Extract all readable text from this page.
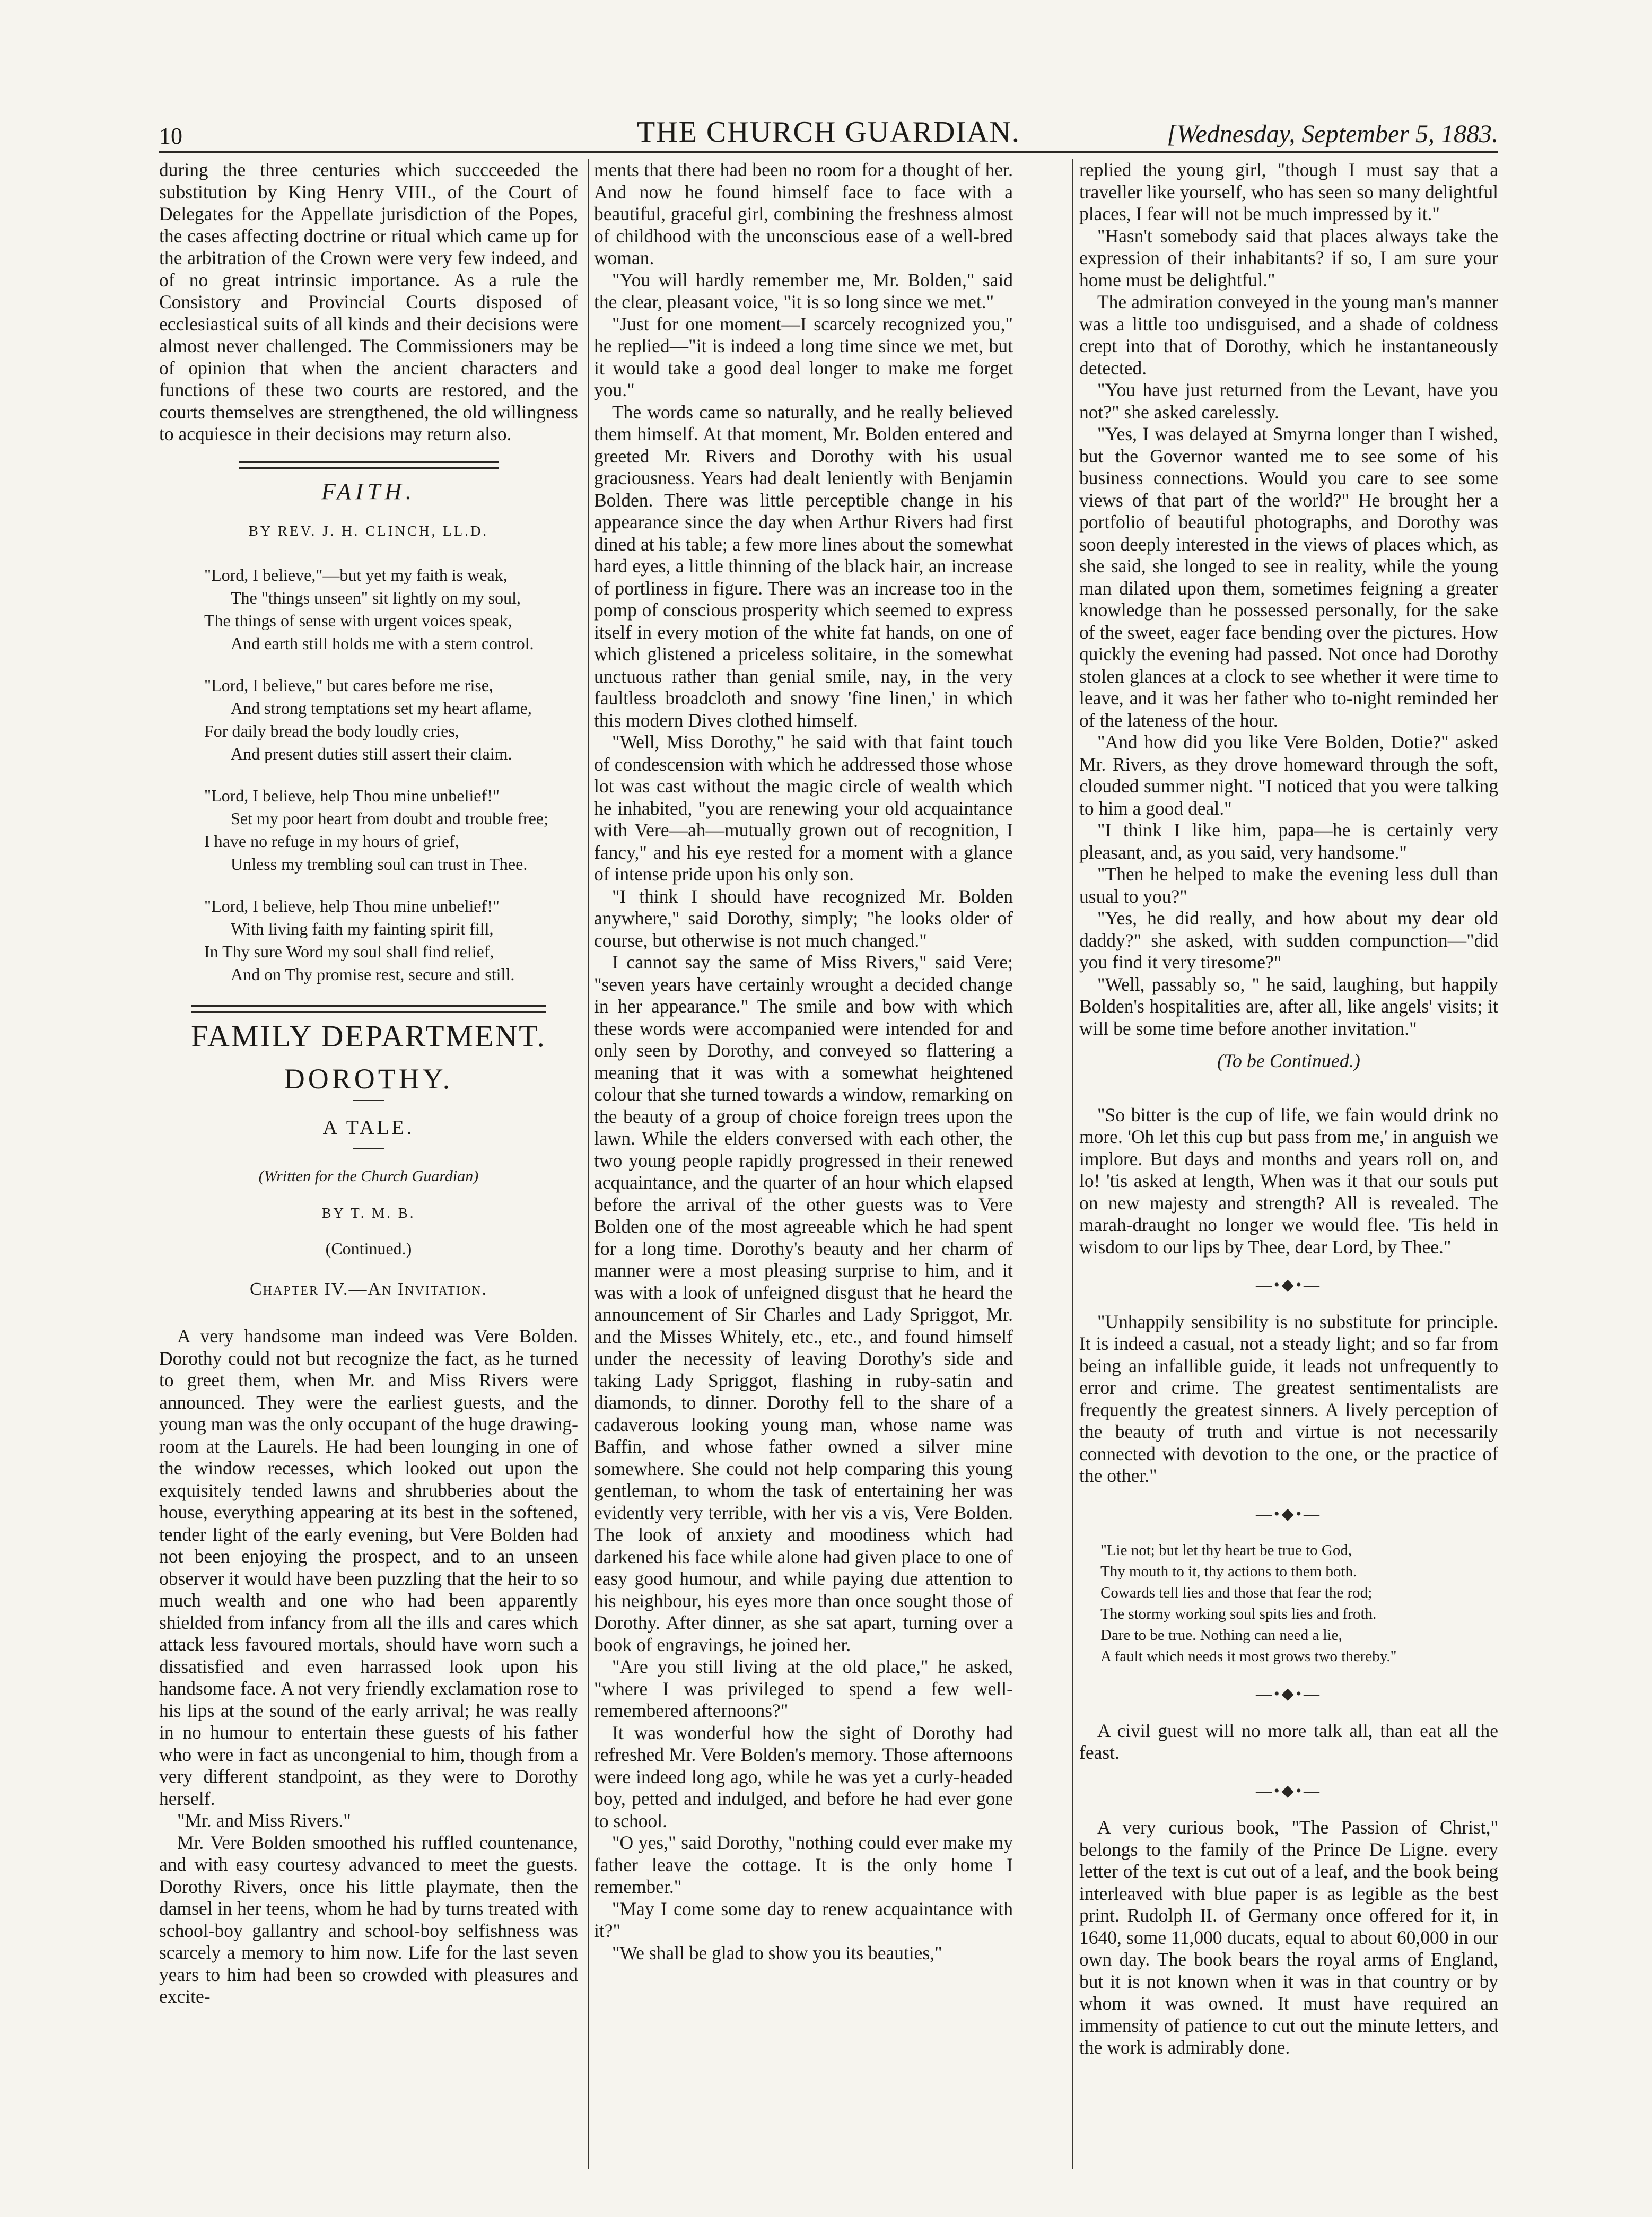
10	THE CHURCH GUARDIAN.	[Wednesday, September 5, 1883.

during the three centuries which succceeded the substitution by King Henry VIII., of the Court of Delegates for the Appellate jurisdiction of the Popes, the cases affecting doctrine or ritual which came up for the arbitration of the Crown were very few indeed, and of no great intrinsic importance. As a rule the Consistory and Provincial Courts disposed of ecclesiastical suits of all kinds and their decisions were almost never challenged. The Commissioners may be of opinion that when the ancient characters and functions of these two courts are restored, and the courts themselves are strengthened, the old willingness to acquiesce in their decisions may return also.

FAITH.
BY REV. J. H. CLINCH, LL.D.
"Lord, I believe,"—but yet my faith is weak,
The "things unseen" sit lightly on my soul,
The things of sense with urgent voices speak,
And earth still holds me with a stern control.
"Lord, I believe," but cares before me rise,
And strong temptations set my heart aflame,
For daily bread the body loudly cries,
And present duties still assert their claim.
"Lord, I believe, help Thou mine unbelief!"
Set my poor heart from doubt and trouble free;
I have no refuge in my hours of grief,
Unless my trembling soul can trust in Thee.
"Lord, I believe, help Thou mine unbelief!"
With living faith my fainting spirit fill,
In Thy sure Word my soul shall find relief,
And on Thy promise rest, secure and still.
FAMILY DEPARTMENT.
DOROTHY.
A TALE.
(Written for the Church Guardian)
BY T. M. B.
(Continued.)
Chapter IV.—An Invitation.

A very handsome man indeed was Vere Bolden. Dorothy could not but recognize the fact, as he turned to greet them, when Mr. and Miss Rivers were announced. They were the earliest guests, and the young man was the only occupant of the huge drawing-room at the Laurels. He had been lounging in one of the window recesses, which looked out upon the exquisitely tended lawns and shrubberies about the house, everything appearing at its best in the softened, tender light of the early evening, but Vere Bolden had not been enjoying the prospect, and to an unseen observer it would have been puzzling that the heir to so much wealth and one who had been apparently shielded from infancy from all the ills and cares which attack less favoured mortals, should have worn such a dissatisfied and even harrassed look upon his handsome face. A not very friendly exclamation rose to his lips at the sound of the early arrival; he was really in no humour to entertain these guests of his father who were in fact as uncongenial to him, though from a very different standpoint, as they were to Dorothy herself.

"Mr. and Miss Rivers."

Mr. Vere Bolden smoothed his ruffled countenance, and with easy courtesy advanced to meet the guests. Dorothy Rivers, once his little playmate, then the damsel in her teens, whom he had by turns treated with school-boy gallantry and school-boy selfishness was scarcely a memory to him now. Life for the last seven years to him had been so crowded with pleasures and excite-

ments that there had been no room for a thought of her. And now he found himself face to face with a beautiful, graceful girl, combining the freshness almost of childhood with the unconscious ease of a well-bred woman.

"You will hardly remember me, Mr. Bolden," said the clear, pleasant voice, "it is so long since we met."

"Just for one moment—I scarcely recognized you," he replied—"it is indeed a long time since we met, but it would take a good deal longer to make me forget you."

The words came so naturally, and he really believed them himself. At that moment, Mr. Bolden entered and greeted Mr. Rivers and Dorothy with his usual graciousness. Years had dealt leniently with Benjamin Bolden. There was little perceptible change in his appearance since the day when Arthur Rivers had first dined at his table; a few more lines about the somewhat hard eyes, a little thinning of the black hair, an increase of portliness in figure. There was an increase too in the pomp of conscious prosperity which seemed to express itself in every motion of the white fat hands, on one of which glistened a priceless solitaire, in the somewhat unctuous rather than genial smile, nay, in the very faultless broadcloth and snowy 'fine linen,' in which this modern Dives clothed himself.

"Well, Miss Dorothy," he said with that faint touch of condescension with which he addressed those whose lot was cast without the magic circle of wealth which he inhabited, "you are renewing your old acquaintance with Vere—ah—mutually grown out of recognition, I fancy," and his eye rested for a moment with a glance of intense pride upon his only son.

"I think I should have recognized Mr. Bolden anywhere," said Dorothy, simply; "he looks older of course, but otherwise is not much changed."

I cannot say the same of Miss Rivers," said Vere; "seven years have certainly wrought a decided change in her appearance." The smile and bow with which these words were accompanied were intended for and only seen by Dorothy, and conveyed so flattering a meaning that it was with a somewhat heightened colour that she turned towards a window, remarking on the beauty of a group of choice foreign trees upon the lawn. While the elders conversed with each other, the two young people rapidly progressed in their renewed acquaintance, and the quarter of an hour which elapsed before the arrival of the other guests was to Vere Bolden one of the most agreeable which he had spent for a long time. Dorothy's beauty and her charm of manner were a most pleasing surprise to him, and it was with a look of unfeigned disgust that he heard the announcement of Sir Charles and Lady Spriggot, Mr. and the Misses Whitely, etc., etc., and found himself under the necessity of leaving Dorothy's side and taking Lady Spriggot, flashing in ruby-satin and diamonds, to dinner. Dorothy fell to the share of a cadaverous looking young man, whose name was Baffin, and whose father owned a silver mine somewhere. She could not help comparing this young gentleman, to whom the task of entertaining her was evidently very terrible, with her vis a vis, Vere Bolden. The look of anxiety and moodiness which had darkened his face while alone had given place to one of easy good humour, and while paying due attention to his neighbour, his eyes more than once sought those of Dorothy. After dinner, as she sat apart, turning over a book of engravings, he joined her.

"Are you still living at the old place," he asked, "where I was privileged to spend a few well-remembered afternoons?"

It was wonderful how the sight of Dorothy had refreshed Mr. Vere Bolden's memory. Those afternoons were indeed long ago, while he was yet a curly-headed boy, petted and indulged, and before he had ever gone to school.

"O yes," said Dorothy, "nothing could ever make my father leave the cottage. It is the only home I remember."

"May I come some day to renew acquaintance with it?"

"We shall be glad to show you its beauties,"

replied the young girl, "though I must say that a traveller like yourself, who has seen so many delightful places, I fear will not be much impressed by it."

"Hasn't somebody said that places always take the expression of their inhabitants? if so, I am sure your home must be delightful."

The admiration conveyed in the young man's manner was a little too undisguised, and a shade of coldness crept into that of Dorothy, which he instantaneously detected.

"You have just returned from the Levant, have you not?" she asked carelessly.

"Yes, I was delayed at Smyrna longer than I wished, but the Governor wanted me to see some of his business connections. Would you care to see some views of that part of the world?" He brought her a portfolio of beautiful photographs, and Dorothy was soon deeply interested in the views of places which, as she said, she longed to see in reality, while the young man dilated upon them, sometimes feigning a greater knowledge than he possessed personally, for the sake of the sweet, eager face bending over the pictures. How quickly the evening had passed. Not once had Dorothy stolen glances at a clock to see whether it were time to leave, and it was her father who to-night reminded her of the lateness of the hour.

"And how did you like Vere Bolden, Dotie?" asked Mr. Rivers, as they drove homeward through the soft, clouded summer night. "I noticed that you were talking to him a good deal."

"I think I like him, papa—he is certainly very pleasant, and, as you said, very handsome."

"Then he helped to make the evening less dull than usual to you?"

"Yes, he did really, and how about my dear old daddy?" she asked, with sudden compunction—"did you find it very tiresome?"

"Well, passably so, " he said, laughing, but happily Bolden's hospitalities are, after all, like angels' visits; it will be some time before another invitation."

(To be Continued.)

"So bitter is the cup of life, we fain would drink no more. 'Oh let this cup but pass from me,' in anguish we implore. But days and months and years roll on, and lo! 'tis asked at length, When was it that our souls put on new majesty and strength? All is revealed. The marah-draught no longer we would flee. 'Tis held in wisdom to our lips by Thee, dear Lord, by Thee."

—•◆•—

"Unhappily sensibility is no substitute for principle. It is indeed a casual, not a steady light; and so far from being an infallible guide, it leads not unfrequently to error and crime. The greatest sentimentalists are frequently the greatest sinners. A lively perception of the beauty of truth and virtue is not necessarily connected with devotion to the one, or the practice of the other."

—•◆•—
"Lie not; but let thy heart be true to God,
Thy mouth to it, thy actions to them both.
Cowards tell lies and those that fear the rod;
The stormy working soul spits lies and froth.
Dare to be true. Nothing can need a lie,
A fault which needs it most grows two thereby."
—•◆•—

A civil guest will no more talk all, than eat all the feast.

—•◆•—

A very curious book, "The Passion of Christ," belongs to the family of the Prince De Ligne. every letter of the text is cut out of a leaf, and the book being interleaved with blue paper is as legible as the best print. Rudolph II. of Germany once offered for it, in 1640, some 11,000 ducats, equal to about 60,000 in our own day. The book bears the royal arms of England, but it is not known when it was in that country or by whom it was owned. It must have required an immensity of patience to cut out the minute letters, and the work is admirably done.
